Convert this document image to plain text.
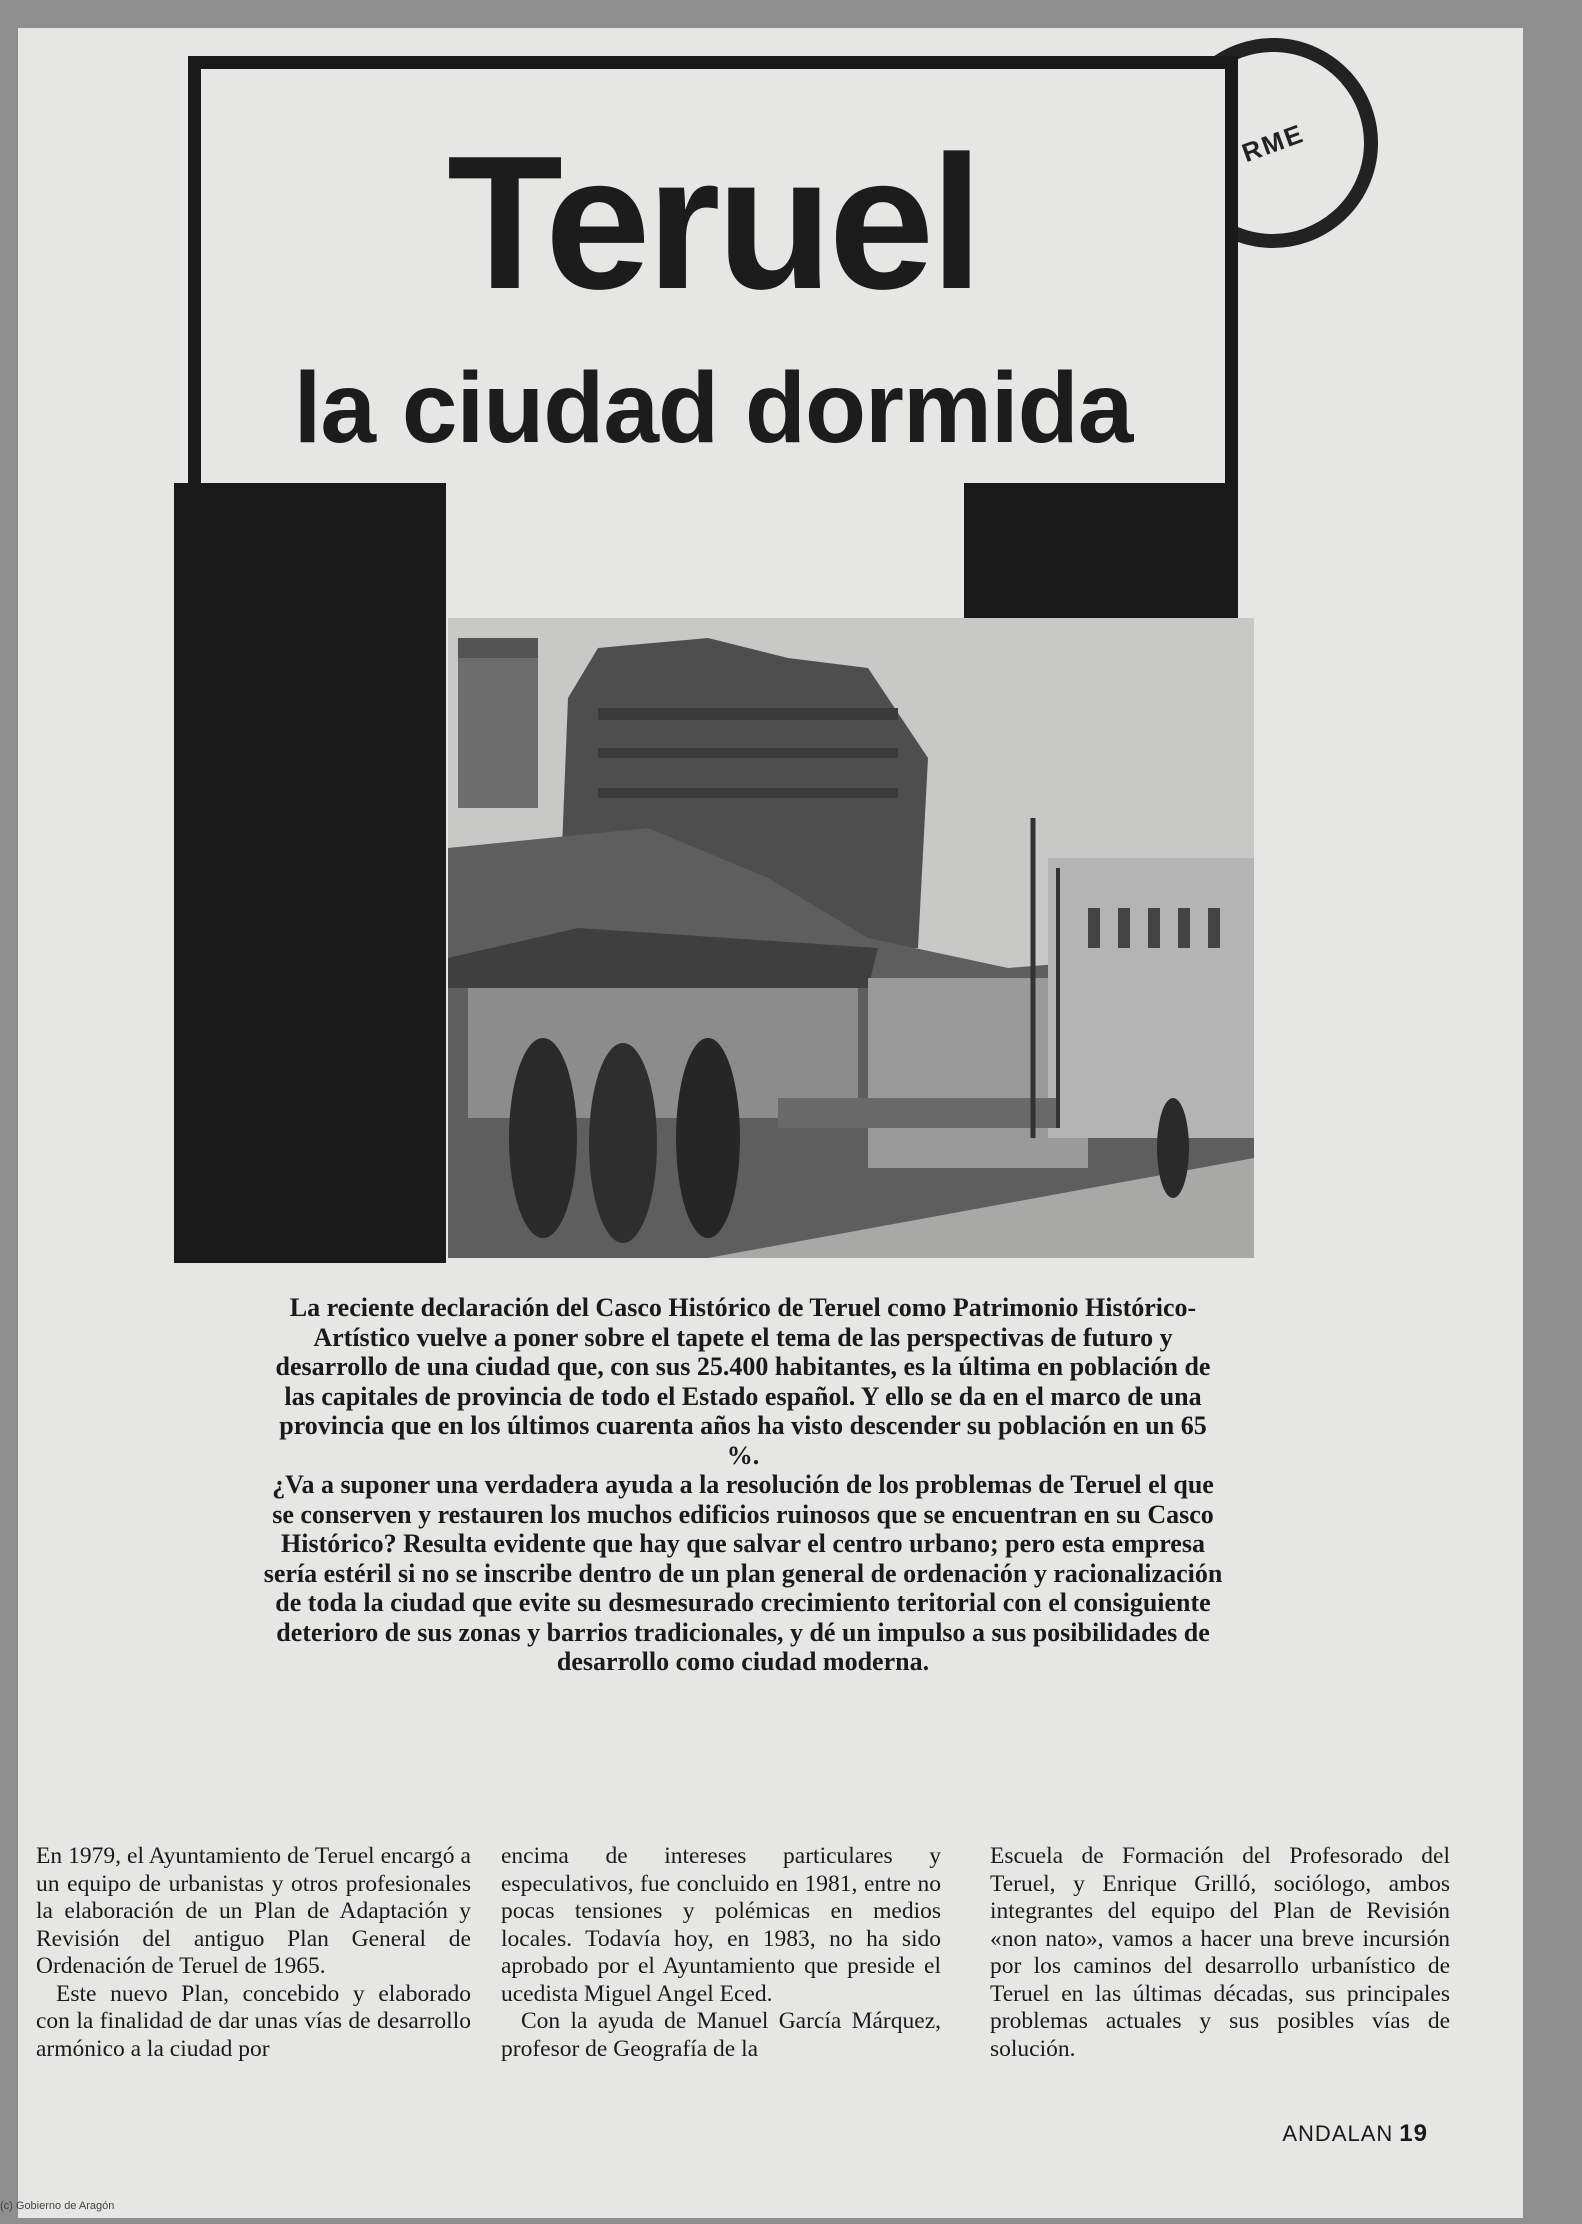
RME
Teruel
la ciudad dormida

La reciente declaración del Casco Histórico de Teruel como Patrimonio Histórico-Artístico vuelve a poner sobre el tapete el tema de las perspectivas de futuro y desarrollo de una ciudad que, con sus 25.400 habitantes, es la última en población de las capitales de provincia de todo el Estado español. Y ello se da en el marco de una provincia que en los últimos cuarenta años ha visto descender su población en un 65 %.

¿Va a suponer una verdadera ayuda a la resolución de los problemas de Teruel el que se conserven y restauren los muchos edificios ruinosos que se encuentran en su Casco Histórico? Resulta evidente que hay que salvar el centro urbano; pero esta empresa sería estéril si no se inscribe dentro de un plan general de ordenación y racionalización de toda la ciudad que evite su desmesurado crecimiento teritorial con el consiguiente deterioro de sus zonas y barrios tradicionales, y dé un impulso a sus posibilidades de desarrollo como ciudad moderna.

En 1979, el Ayuntamiento de Teruel encargó a un equipo de urbanistas y otros profesionales la elaboración de un Plan de Adaptación y Revisión del antiguo Plan General de Ordenación de Teruel de 1965.

Este nuevo Plan, concebido y elaborado con la finalidad de dar unas vías de desarrollo armónico a la ciudad por

encima de intereses particulares y especulativos, fue concluido en 1981, entre no pocas tensiones y polémicas en medios locales. Todavía hoy, en 1983, no ha sido aprobado por el Ayuntamiento que preside el ucedista Miguel Angel Eced.

Con la ayuda de Manuel García Márquez, profesor de Geografía de la

Escuela de Formación del Profesorado del Teruel, y Enrique Grilló, sociólogo, ambos integrantes del equipo del Plan de Revisión «non nato», vamos a hacer una breve incursión por los caminos del desarrollo urbanístico de Teruel en las últimas décadas, sus principales problemas actuales y sus posibles vías de solución.

ANDALAN 19
(c) Gobierno de Aragón
